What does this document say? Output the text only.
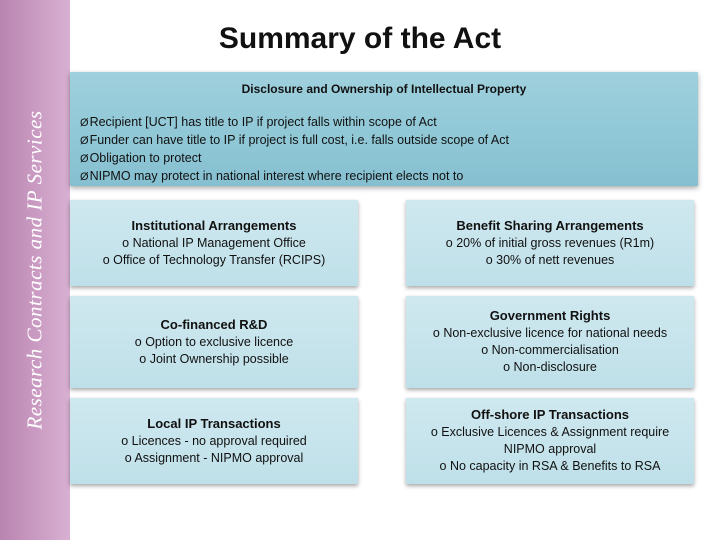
Research Contracts and IP Services
Summary of the Act
Disclosure and Ownership of Intellectual Property
ØRecipient [UCT] has title to IP if project falls within scope of Act
ØFunder can have title to IP if project is full cost, i.e. falls outside scope of Act
ØObligation to protect
ØNIPMO may protect in national interest where recipient elects not to
Institutional Arrangements

o National IP Management Office

o Office of Technology Transfer (RCIPS)

Benefit Sharing Arrangements

o 20% of initial gross revenues (R1m)

o 30% of nett revenues

Co-financed R&D

o Option to exclusive licence

o Joint Ownership possible

Government Rights

o Non-exclusive licence for national needs

o Non-commercialisation

o Non-disclosure

Local IP Transactions

o Licences - no approval required

o Assignment - NIPMO approval

Off-shore IP Transactions

o Exclusive Licences & Assignment require

NIPMO approval

o No capacity in RSA & Benefits to RSA
